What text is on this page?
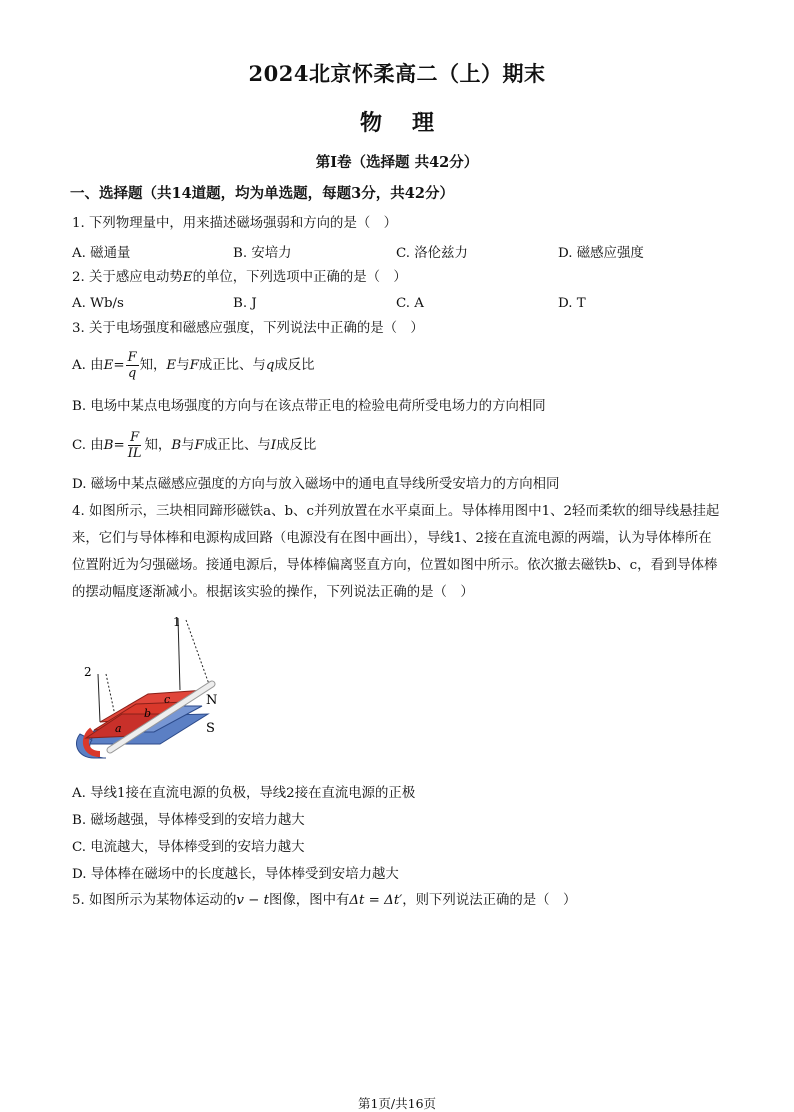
2024北京怀柔高二（上）期末
物理
第Ⅰ卷（选择题 共42分）
一、选择题（共14道题，均为单选题，每题3分，共42分）
1. 下列物理量中，用来描述磁场强弱和方向的是（　）
A. 磁通量	B. 安培力	C. 洛伦兹力	D. 磁感应强度
2. 关于感应电动势E的单位，下列选项中正确的是（　）
A. Wb/s	B. J	C. A	D. T
3. 关于电场强度和磁感应强度，下列说法中正确的是（　）
A. 由$E= \frac{F}{q}$ 知，E与F成正比、与q成反比
B. 电场中某点电场强度的方向与在该点带正电的检验电荷所受电场力的方向相同
C. 由$B= \frac{F}{IL}$ 知，B与F成正比、与I成反比
D. 磁场中某点磁感应强度的方向与放入磁场中的通电直导线所受安培力的方向相同
4. 如图所示，三块相同蹄形磁铁a、b、c并列放置在水平桌面上。导体棒用图中1、2轻而柔软的细导线悬挂起来，它们与导体棒和电源构成回路（电源没有在图中画出），导线1、2接在直流电源的两端，认为导体棒所在位置附近为匀强磁场。接通电源后，导体棒偏离竖直方向，位置如图中所示。依次撤去磁铁b、c，看到导体棒的摆动幅度逐渐减小。根据该实验的操作，下列说法正确的是（　）
1
2
a
b
c	N
S
A. 导线1接在直流电源的负极，导线2接在直流电源的正极
B. 磁场越强，导体棒受到的安培力越大
C. 电流越大，导体棒受到的安培力越大
D. 导体棒在磁场中的长度越长，导体棒受到安培力越大
5. 如图所示为某物体运动的v − t图像，图中有Δt = Δt′，则下列说法正确的是（　）
第1页/共16页
